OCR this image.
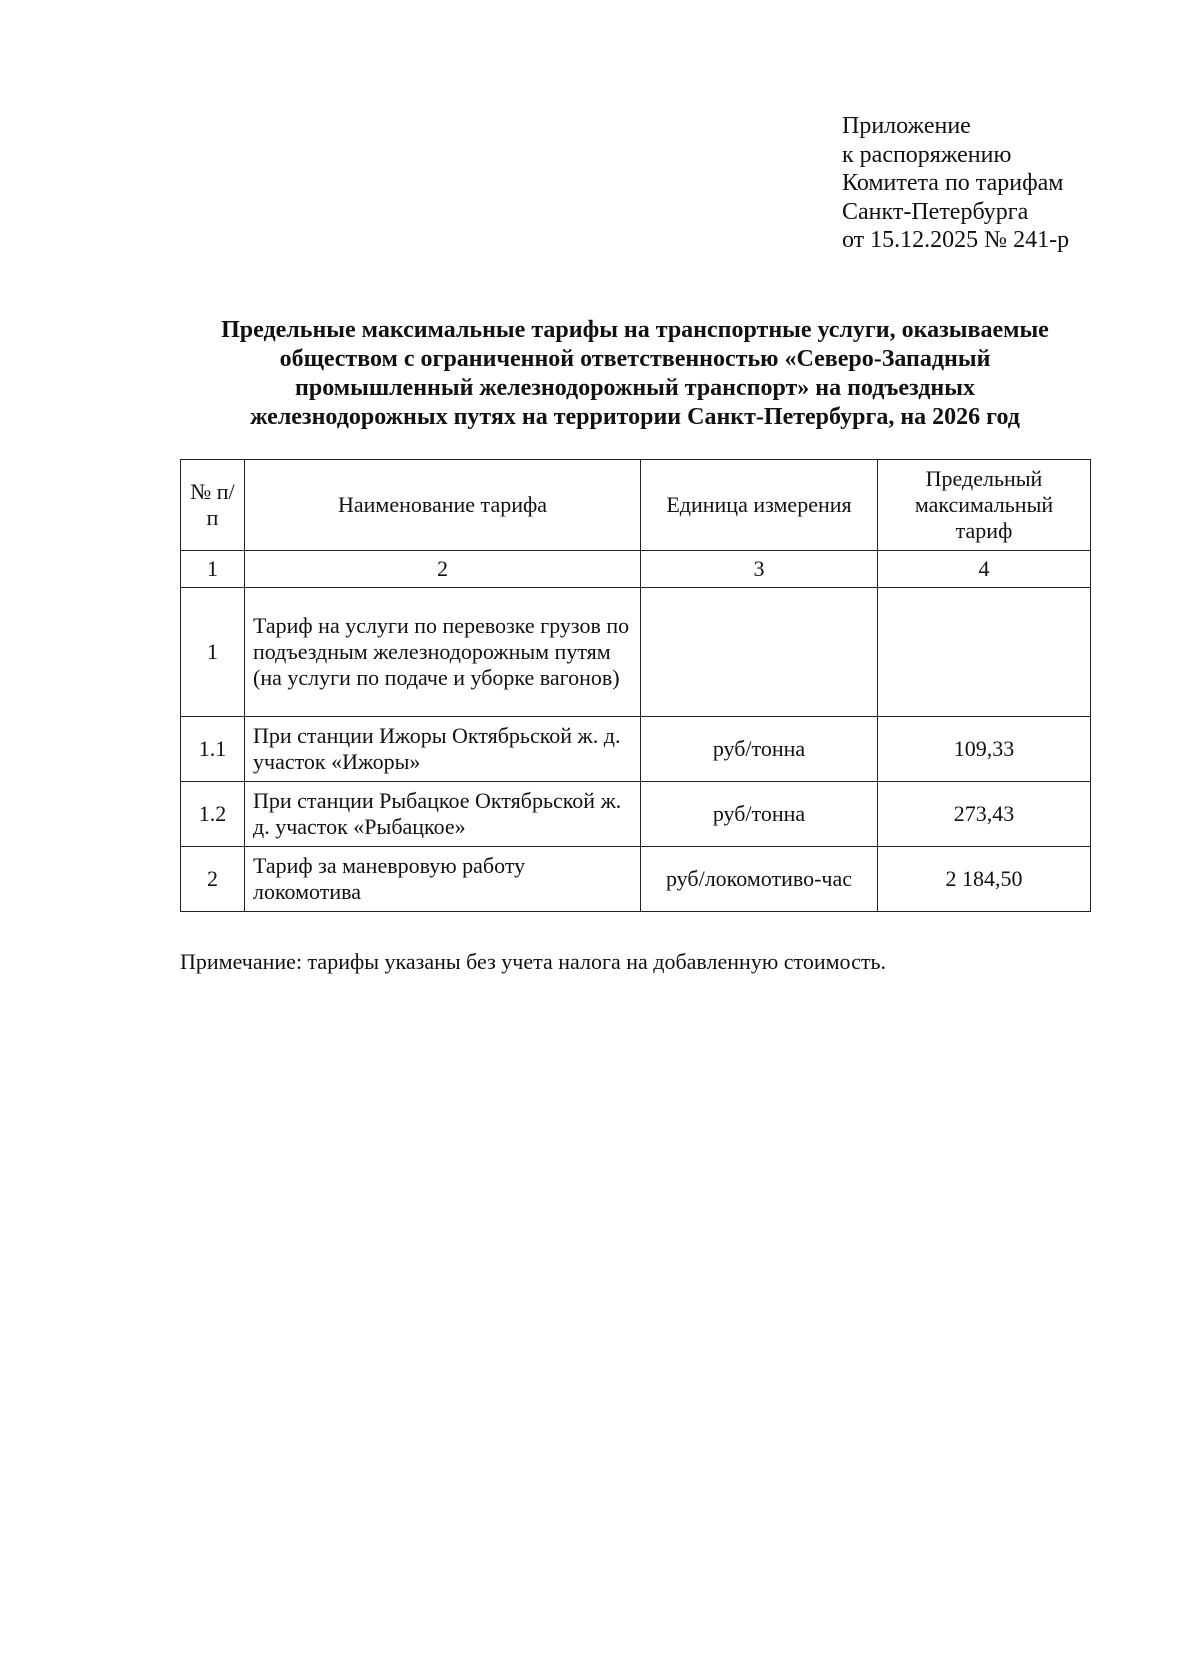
Приложение
к распоряжению
Комитета по тарифам
Санкт-Петербурга
от 15.12.2025 № 241-р
Предельные максимальные тарифы на транспортные услуги, оказываемые
обществом с ограниченной ответственностью «Северо-Западный
промышленный железнодорожный транспорт» на подъездных
железнодорожных путях на территории Санкт-Петербурга, на 2026 год
№ п/п	Наименование тарифа	Единица измерения	Предельный максимальный тариф
1	2	3	4
1	Тариф на услуги по перевозке грузов по подъездным железнодорожным путям (на услуги по подаче и уборке вагонов)		
1.1	При станции Ижоры Октябрьской ж. д. участок «Ижоры»	руб/тонна	109,33
1.2	При станции Рыбацкое Октябрьской ж. д. участок «Рыбацкое»	руб/тонна	273,43
2	Тариф за маневровую работу локомотива	руб/локомотиво-час	2 184,50
Примечание: тарифы указаны без учета налога на добавленную стоимость.
